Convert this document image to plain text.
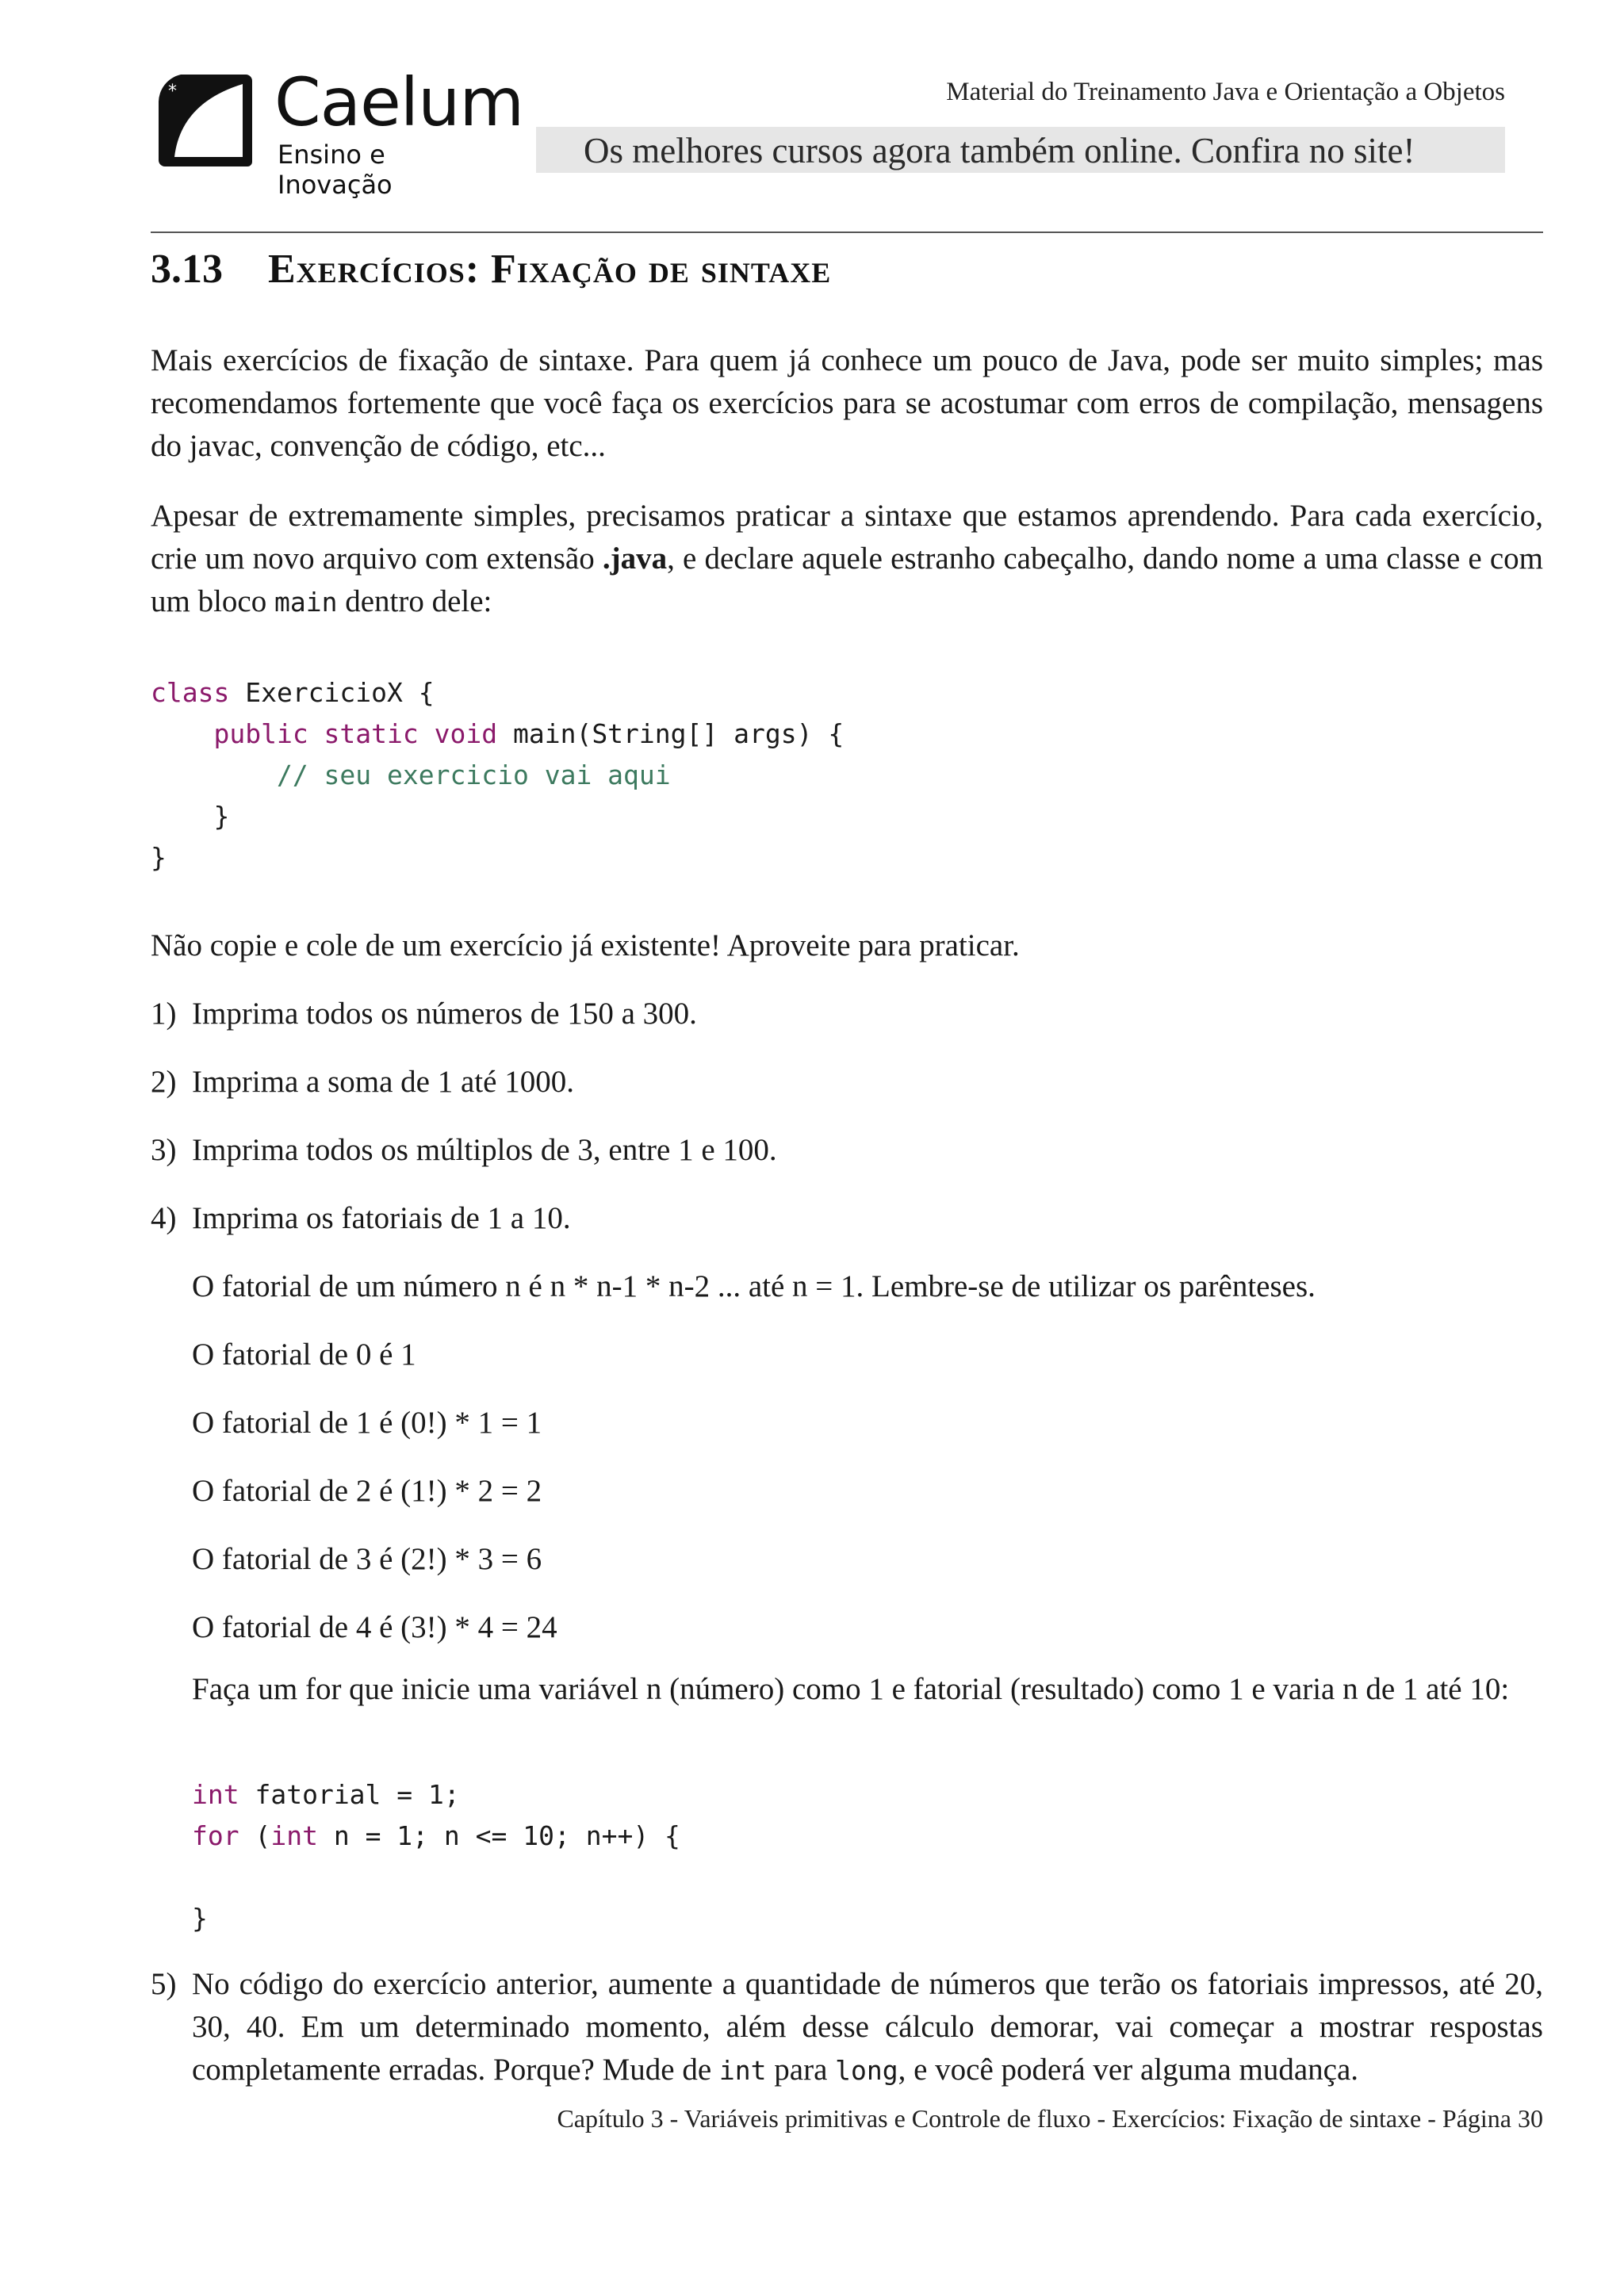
* Caelum
Ensino e Inovação
Material do Treinamento Java e Orientação a Objetos
Os melhores cursos agora também online. Confira no site!
3.13 Exercícios: Fixação de sintaxe

Mais exercícios de fixação de sintaxe. Para quem já conhece um pouco de Java, pode ser muito simples; mas recomendamos fortemente que você faça os exercícios para se acostumar com erros de compilação, mensagens do javac, convenção de código, etc...

Apesar de extremamente simples, precisamos praticar a sintaxe que estamos aprendendo. Para cada exercício, crie um novo arquivo com extensão .java, e declare aquele estranho cabeçalho, dando nome a uma classe e com um bloco main dentro dele:

class ExercicioX {
public static void main(String[] args) {
// seu exercicio vai aqui
}
}

Não copie e cole de um exercício já existente! Aproveite para praticar.

1) Imprima todos os números de 150 a 300.
2) Imprima a soma de 1 até 1000.
3) Imprima todos os múltiplos de 3, entre 1 e 100.
4) Imprima os fatoriais de 1 a 10.

O fatorial de um número n é n * n-1 * n-2 ... até n = 1. Lembre-se de utilizar os parênteses.

O fatorial de 0 é 1

O fatorial de 1 é (0!) * 1 = 1

O fatorial de 2 é (1!) * 2 = 2

O fatorial de 3 é (2!) * 3 = 6

O fatorial de 4 é (3!) * 4 = 24

Faça um for que inicie uma variável n (número) como 1 e fatorial (resultado) como 1 e varia n de 1 até 10:

int fatorial = 1;
for (int n = 1; n <= 10; n++) {

}
5) No código do exercício anterior, aumente a quantidade de números que terão os fatoriais impressos, até 20, 30, 40. Em um determinado momento, além desse cálculo demorar, vai começar a mostrar respostas completamente erradas. Porque? Mude de int para long, e você poderá ver alguma mudança.
Capítulo 3 - Variáveis primitivas e Controle de fluxo - Exercícios: Fixação de sintaxe - Página 30
